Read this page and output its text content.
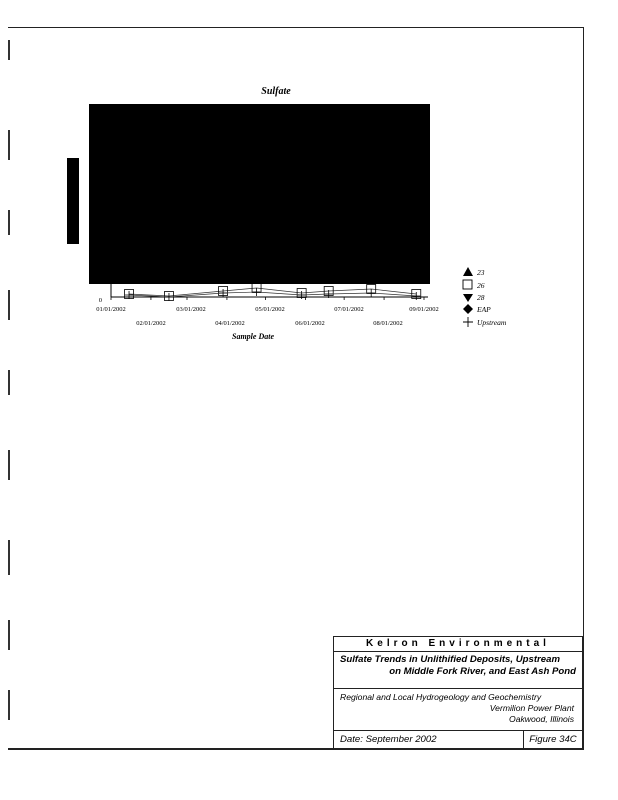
Sulfate
0
01/01/2002	03/01/2002	05/01/2002	07/01/2002	09/01/2002
02/01/2002	04/01/2002	06/01/2002	08/01/2002
Sample Date
23
26
28
EAP
Upstream
Kelron Environmental
Sulfate Trends in Unlithified Deposits, Upstream
on Middle Fork River, and East Ash Pond
Regional and Local Hydrogeology and Geochemistry
Vermilion Power Plant
Oakwood, Illinois
Date: September 2002	Figure 34C
